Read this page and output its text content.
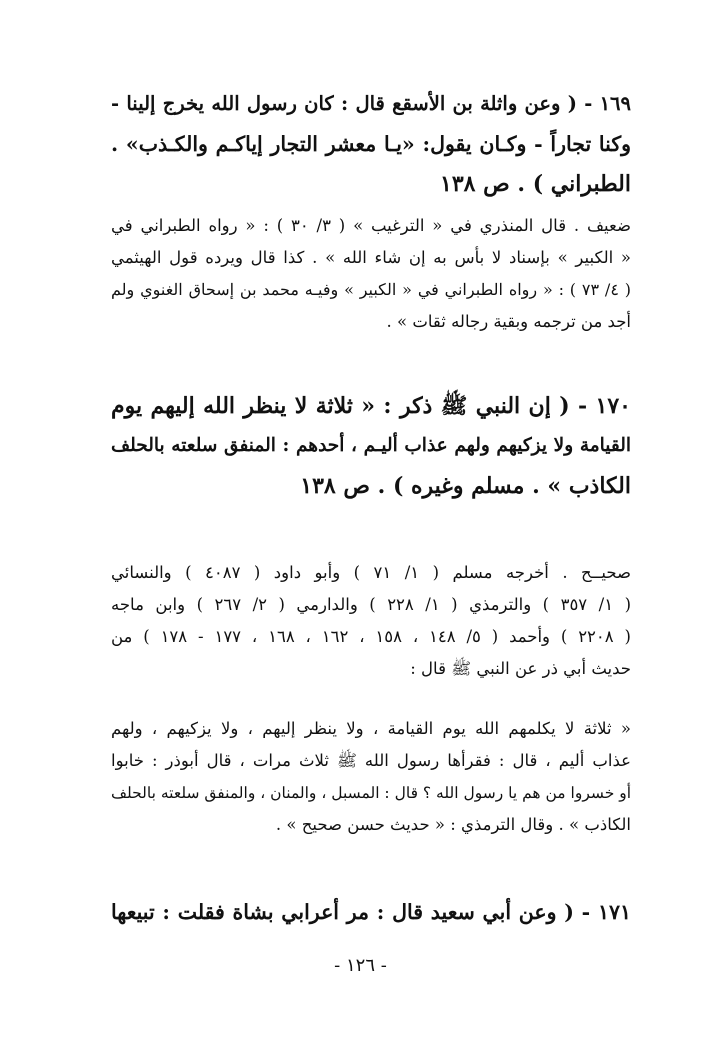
١٦٩ - ( وعن واثلة بن الأسقع قال : كان رسول الله يخرج إلينا -
وكنا تجاراً - وكـان يقول: «يـا معشر التجار إياكـم والكـذب» .
الطبراني ) . ص ١٣٨
ضعيف . قال المنذري في « الترغيب » ( ٣/ ٣٠ ) : « رواه الطبراني في
« الكبير » بإسناد لا بأس به إن شاء الله » . كذا قال ويرده قول الهيثمي
( ٤/ ٧٣ ) : « رواه الطبراني في « الكبير » وفيـه محمد بن إسحاق الغنوي ولم
أجد من ترجمه وبقية رجاله ثقات » .
١٧٠ - ( إن النبي ﷺ ذكر : « ثلاثة لا ينظر الله إليهم يوم
القيامة ولا يزكيهم ولهم عذاب أليـم ، أحدهم : المنفق سلعته بالحلف
الكاذب » . مسلم وغيره ) . ص ١٣٨
صحيــح . أخرجه مسلم ( ١/ ٧١ ) وأبو داود ( ٤٠٨٧ ) والنسائي
( ١/ ٣٥٧ ) والترمذي ( ١/ ٢٢٨ ) والدارمي ( ٢/ ٢٦٧ ) وابن ماجه
( ٢٢٠٨ ) وأحمد ( ٥/ ١٤٨ ، ١٥٨ ، ١٦٢ ، ١٦٨ ، ١٧٧ - ١٧٨ ) من
حديث أبي ذر عن النبي ﷺ قال :
« ثلاثة لا يكلمهم الله يوم القيامة ، ولا ينظر إليهم ، ولا يزكيهم ، ولهم
عذاب أليم ، قال : فقرأها رسول الله ﷺ ثلاث مرات ، قال أبوذر : خابوا
أو خسروا من هم يا رسول الله ؟ قال : المسبل ، والمنان ، والمنفق سلعته بالحلف
الكاذب » . وقال الترمذي : « حديث حسن صحيح » .
١٧١ - ( وعن أبي سعيد قال : مر أعرابي بشاة فقلت : تبيعها
- ١٢٦ -
